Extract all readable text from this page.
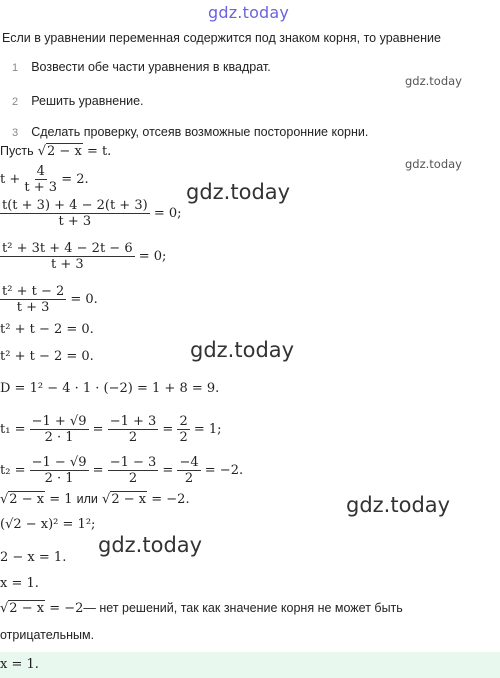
gdz.today
gdz.today
gdz.today
gdz.today
gdz.today
gdz.today
gdz.today
Если в уравнении переменная содержится под знаком корня, то уравнение
1 Возвести обе части уравнения в квадрат.
2 Решить уравнение.
3 Сделать проверку, отсеяв возможные посторонние корни.
Пусть √2 − x = t.
$t + \frac{4}{t + 3} = 2$.
$\frac{t(t + 3) + 4 - 2(t + 3)}{t + 3} = 0$;
$\frac{\text{t² + 3t + 4 − 2t − 6}}{t + 3} = 0$;
$\frac{\text{t² + t − 2}}{t + 3} = 0$.
t² + t − 2 = 0.
t² + t − 2 = 0.
D = 1² − 4 · 1 · (−2) = 1 + 8 = 9.
$t_1 = \frac{-1 + √9}{2 \cdot 1} = \frac{-1 + 3}{2} = \frac{2}{2} = 1$;
$t_2 = \frac{-1 - √9}{2 \cdot 1} = \frac{-1 - 3}{2} = \frac{-4}{2} = -2$.
√2 − x = 1 или √2 − x = −2.
(√2 − x)² = 1²;
2 − x = 1.
x = 1.
√2 − x = −2— нет решений, так как значение корня не может быть
отрицательным.
x = 1.
